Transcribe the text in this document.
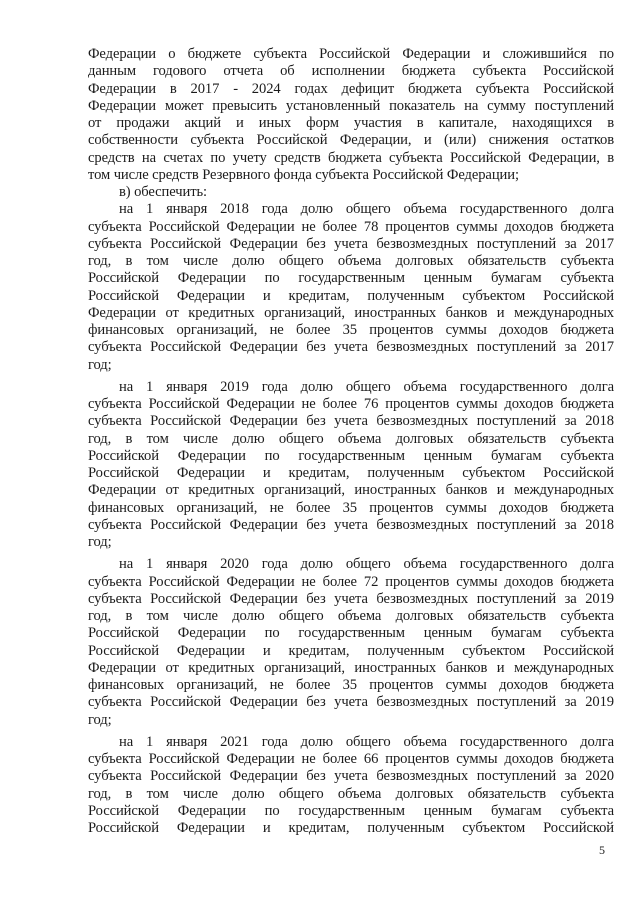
Федерации о бюджете субъекта Российской Федерации и сложившийся по
данным годового отчета об исполнении бюджета субъекта Российской
Федерации в 2017 - 2024 годах дефицит бюджета субъекта Российской
Федерации может превысить установленный показатель на сумму поступлений
от продажи акций и иных форм участия в капитале, находящихся в
собственности субъекта Российской Федерации, и (или) снижения остатков
средств на счетах по учету средств бюджета субъекта Российской Федерации, в
том числе средств Резервного фонда субъекта Российской Федерации;
в) обеспечить:
на 1 января 2018 года долю общего объема государственного долга
субъекта Российской Федерации не более 78 процентов суммы доходов бюджета
субъекта Российской Федерации без учета безвозмездных поступлений за 2017
год, в том числе долю общего объема долговых обязательств субъекта
Российской Федерации по государственным ценным бумагам субъекта
Российской Федерации и кредитам, полученным субъектом Российской
Федерации от кредитных организаций, иностранных банков и международных
финансовых организаций, не более 35 процентов суммы доходов бюджета
субъекта Российской Федерации без учета безвозмездных поступлений за 2017
год;
на 1 января 2019 года долю общего объема государственного долга
субъекта Российской Федерации не более 76 процентов суммы доходов бюджета
субъекта Российской Федерации без учета безвозмездных поступлений за 2018
год, в том числе долю общего объема долговых обязательств субъекта
Российской Федерации по государственным ценным бумагам субъекта
Российской Федерации и кредитам, полученным субъектом Российской
Федерации от кредитных организаций, иностранных банков и международных
финансовых организаций, не более 35 процентов суммы доходов бюджета
субъекта Российской Федерации без учета безвозмездных поступлений за 2018
год;
на 1 января 2020 года долю общего объема государственного долга
субъекта Российской Федерации не более 72 процентов суммы доходов бюджета
субъекта Российской Федерации без учета безвозмездных поступлений за 2019
год, в том числе долю общего объема долговых обязательств субъекта
Российской Федерации по государственным ценным бумагам субъекта
Российской Федерации и кредитам, полученным субъектом Российской
Федерации от кредитных организаций, иностранных банков и международных
финансовых организаций, не более 35 процентов суммы доходов бюджета
субъекта Российской Федерации без учета безвозмездных поступлений за 2019
год;
на 1 января 2021 года долю общего объема государственного долга
субъекта Российской Федерации не более 66 процентов суммы доходов бюджета
субъекта Российской Федерации без учета безвозмездных поступлений за 2020
год, в том числе долю общего объема долговых обязательств субъекта
Российской Федерации по государственным ценным бумагам субъекта
Российской Федерации и кредитам, полученным субъектом Российской
5
